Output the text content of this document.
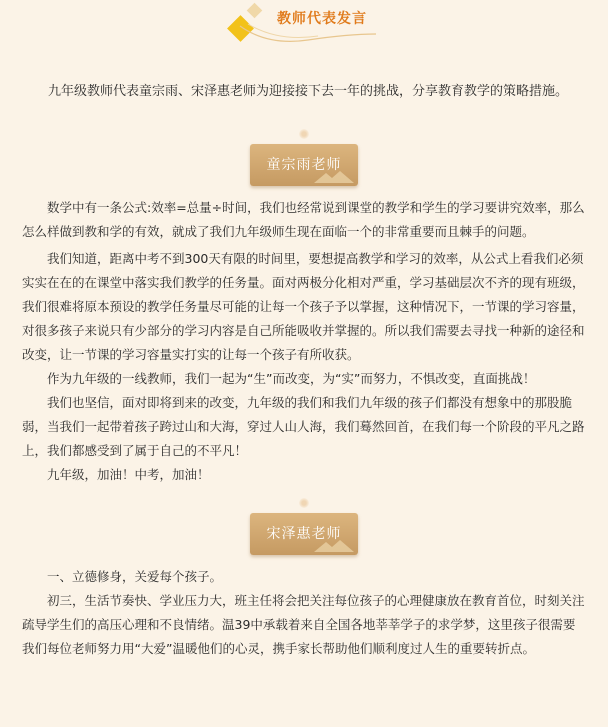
教师代表发言

九年级教师代表童宗雨、宋泽惠老师为迎接接下去一年的挑战，分享教育教学的策略措施。

童宗雨老师

数学中有一条公式:效率=总量÷时间，我们也经常说到课堂的教学和学生的学习要讲究效率，那么怎么样做到教和学的有效，就成了我们九年级师生现在面临一个的非常重要而且棘手的问题。

我们知道，距离中考不到300天有限的时间里，要想提高教学和学习的效率，从公式上看我们必须实实在在的在课堂中落实我们教学的任务量。面对两极分化相对严重，学习基础层次不齐的现有班级，我们很难将原本预设的教学任务量尽可能的让每一个孩子予以掌握，这种情况下，一节课的学习容量，对很多孩子来说只有少部分的学习内容是自己所能吸收并掌握的。所以我们需要去寻找一种新的途径和改变，让一节课的学习容量实打实的让每一个孩子有所收获。

作为九年级的一线教师，我们一起为“生”而改变，为“实”而努力，不惧改变，直面挑战！

我们也坚信，面对即将到来的改变，九年级的我们和我们九年级的孩子们都没有想象中的那股脆弱，当我们一起带着孩子跨过山和大海，穿过人山人海，我们蓦然回首，在我们每一个阶段的平凡之路上，我们都感受到了属于自己的不平凡！

九年级，加油！中考，加油！

宋泽惠老师

一、立德修身，关爱每个孩子。

初三，生活节奏快、学业压力大，班主任将会把关注每位孩子的心理健康放在教育首位，时刻关注疏导学生们的高压心理和不良情绪。温39中承载着来自全国各地莘莘学子的求学梦，这里孩子很需要我们每位老师努力用“大爱”温暖他们的心灵，携手家长帮助他们顺利度过人生的重要转折点。
